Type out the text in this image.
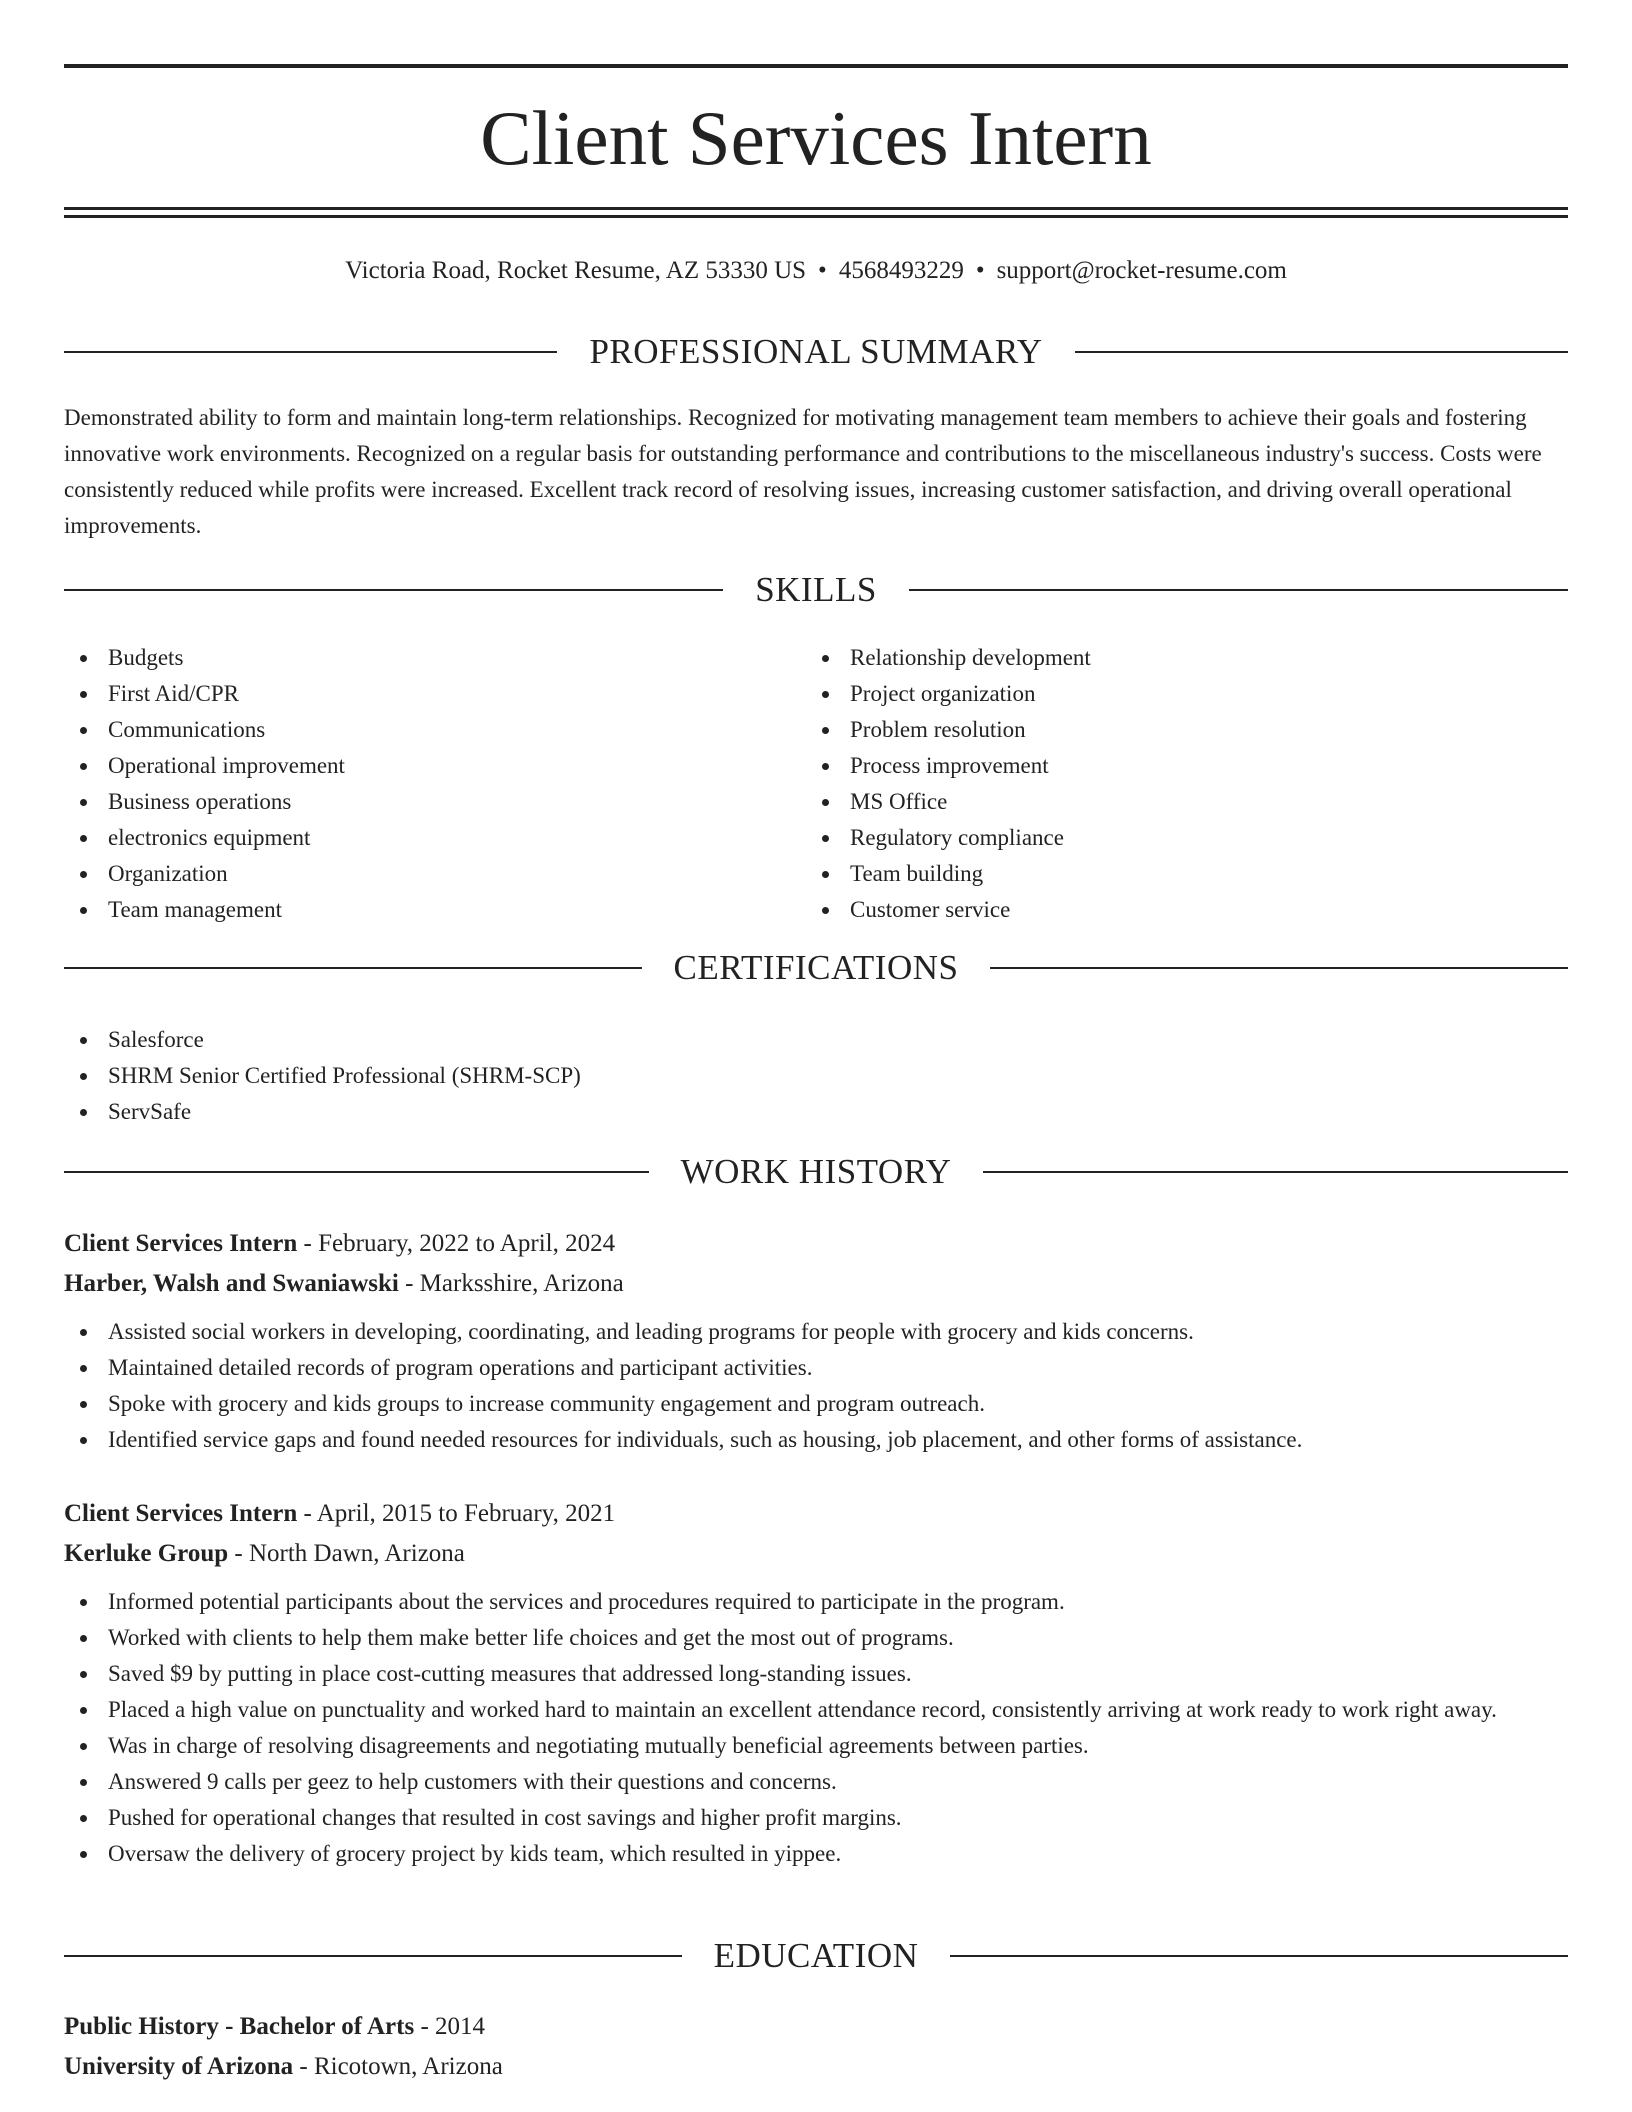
Client Services Intern
Victoria Road, Rocket Resume, AZ 53330 US • 4568493229 • support@rocket-resume.com
PROFESSIONAL SUMMARY

Demonstrated ability to form and maintain long-term relationships. Recognized for motivating management team members to achieve their goals and fostering innovative work environments. Recognized on a regular basis for outstanding performance and contributions to the miscellaneous industry's success. Costs were consistently reduced while profits were increased. Excellent track record of resolving issues, increasing customer satisfaction, and driving overall operational improvements.

SKILLS
Budgets
First Aid/CPR
Communications
Operational improvement
Business operations
electronics equipment
Organization
Team management
Relationship development
Project organization
Problem resolution
Process improvement
MS Office
Regulatory compliance
Team building
Customer service
CERTIFICATIONS
Salesforce
SHRM Senior Certified Professional (SHRM-SCP)
ServSafe
WORK HISTORY
Client Services Intern - February, 2022 to April, 2024
Harber, Walsh and Swaniawski - Marksshire, Arizona
Assisted social workers in developing, coordinating, and leading programs for people with grocery and kids concerns.
Maintained detailed records of program operations and participant activities.
Spoke with grocery and kids groups to increase community engagement and program outreach.
Identified service gaps and found needed resources for individuals, such as housing, job placement, and other forms of assistance.
Client Services Intern - April, 2015 to February, 2021
Kerluke Group - North Dawn, Arizona
Informed potential participants about the services and procedures required to participate in the program.
Worked with clients to help them make better life choices and get the most out of programs.
Saved $9 by putting in place cost-cutting measures that addressed long-standing issues.
Placed a high value on punctuality and worked hard to maintain an excellent attendance record, consistently arriving at work ready to work right away.
Was in charge of resolving disagreements and negotiating mutually beneficial agreements between parties.
Answered 9 calls per geez to help customers with their questions and concerns.
Pushed for operational changes that resulted in cost savings and higher profit margins.
Oversaw the delivery of grocery project by kids team, which resulted in yippee.
EDUCATION
Public History - Bachelor of Arts - 2014
University of Arizona - Ricotown, Arizona
